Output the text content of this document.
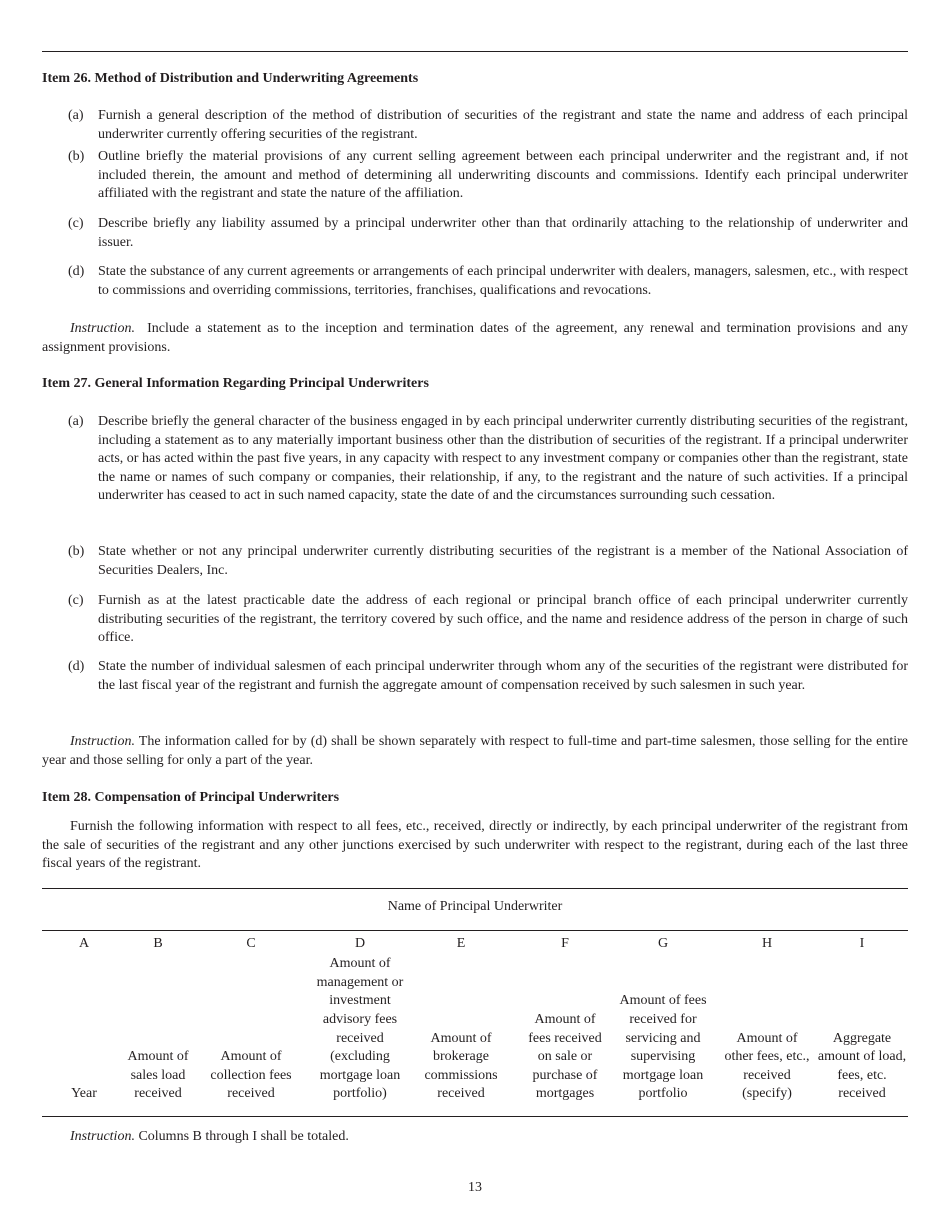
Item 26. Method of Distribution and Underwriting Agreements
(a) Furnish a general description of the method of distribution of securities of the registrant and state the name and address of each principal underwriter currently offering securities of the registrant.
(b) Outline briefly the material provisions of any current selling agreement between each principal underwriter and the registrant and, if not included therein, the amount and method of determining all underwriting discounts and commissions. Identify each principal underwriter affiliated with the registrant and state the nature of the affiliation.
(c) Describe briefly any liability assumed by a principal underwriter other than that ordinarily attaching to the relationship of underwriter and issuer.
(d) State the substance of any current agreements or arrangements of each principal underwriter with dealers, managers, salesmen, etc., with respect to commissions and overriding commissions, territories, franchises, qualifications and revocations.
Instruction. Include a statement as to the inception and termination dates of the agreement, any renewal and termination provisions and any assignment provisions.
Item 27. General Information Regarding Principal Underwriters
(a) Describe briefly the general character of the business engaged in by each principal underwriter currently distributing securities of the registrant, including a statement as to any materially important business other than the distribution of securities of the registrant. If a principal underwriter acts, or has acted within the past five years, in any capacity with respect to any investment company or companies other than the registrant, state the name or names of such company or companies, their relationship, if any, to the registrant and the nature of such activities. If a principal underwriter has ceased to act in such named capacity, state the date of and the circumstances surrounding such cessation.
(b) State whether or not any principal underwriter currently distributing securities of the registrant is a member of the National Association of Securities Dealers, Inc.
(c) Furnish as at the latest practicable date the address of each regional or principal branch office of each principal underwriter currently distributing securities of the registrant, the territory covered by such office, and the name and residence address of the person in charge of such office.
(d) State the number of individual salesmen of each principal underwriter through whom any of the securities of the registrant were distributed for the last fiscal year of the registrant and furnish the aggregate amount of compensation received by such salesmen in such year.
Instruction. The information called for by (d) shall be shown separately with respect to full-time and part-time salesmen, those selling for the entire year and those selling for only a part of the year.
Item 28. Compensation of Principal Underwriters
Furnish the following information with respect to all fees, etc., received, directly or indirectly, by each principal underwriter of the registrant from the sale of securities of the registrant and any other junctions exercised by such underwriter with respect to the registrant, during each of the last three fiscal years of the registrant.
Name of Principal Underwriter
A
Year
B
Amount of sales load received
C
Amount of collection fees received
D
Amount of management or investment advisory fees received (excluding mortgage loan portfolio)
E
Amount of brokerage commissions received
F
Amount of fees received on sale or purchase of mortgages
G
Amount of fees received for servicing and supervising mortgage loan portfolio
H
Amount of other fees, etc., received (specify)
I
Aggregate amount of load, fees, etc. received
Instruction. Columns B through I shall be totaled.
13
